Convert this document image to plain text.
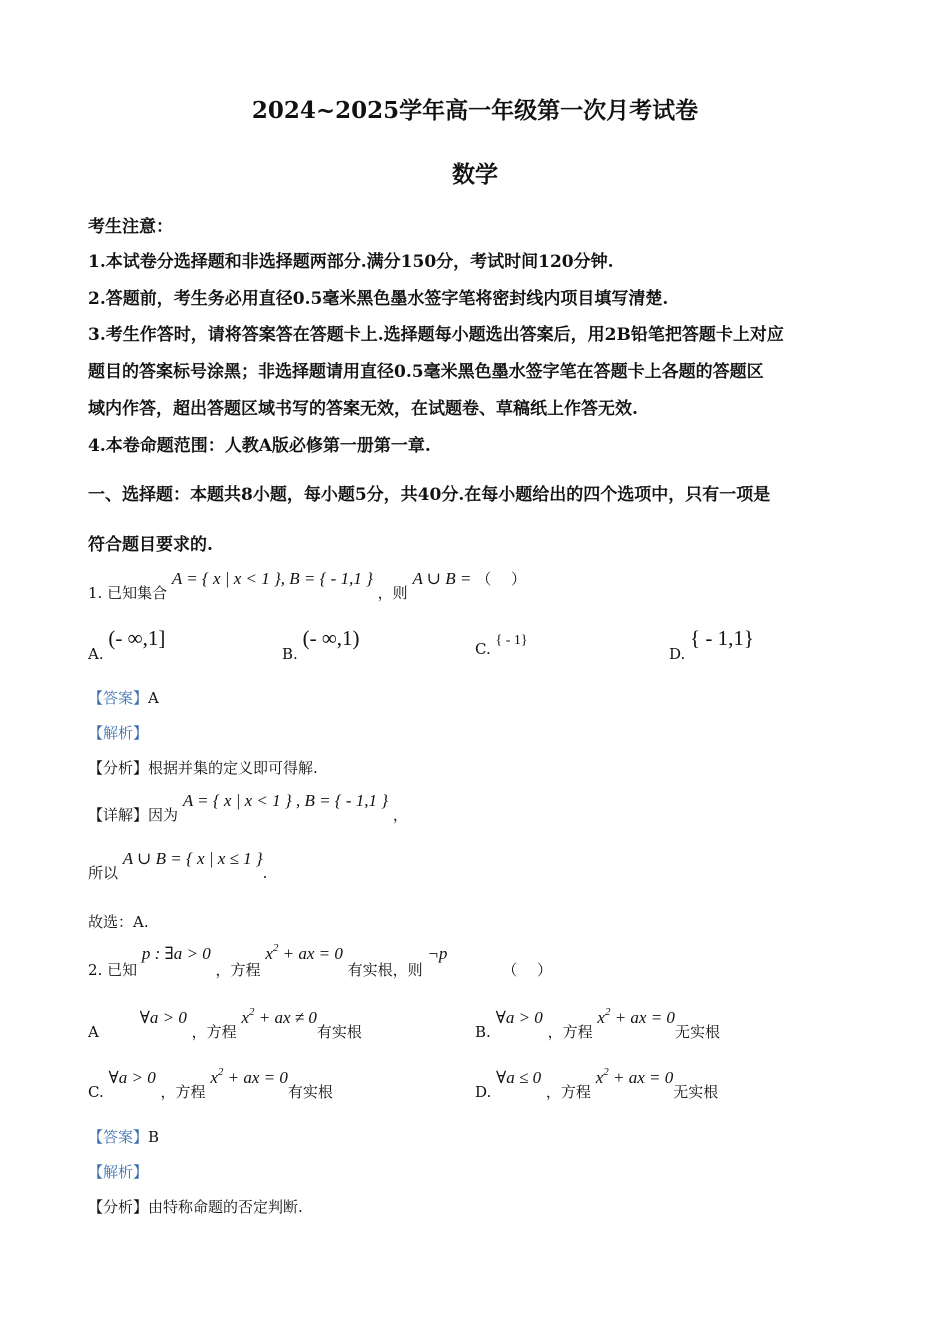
2024~2025学年高一年级第一次月考试卷
数学
考生注意：
1.本试卷分选择题和非选择题两部分.满分150分，考试时间120分钟.
2.答题前，考生务必用直径0.5毫米黑色墨水签字笔将密封线内项目填写清楚.
3.考生作答时，请将答案答在答题卡上.选择题每小题选出答案后，用2B铅笔把答题卡上对应
题目的答案标号涂黑；非选择题请用直径0.5毫米黑色墨水签字笔在答题卡上各题的答题区
域内作答，超出答题区域书写的答案无效，在试题卷、草稿纸上作答无效.
4.本卷命题范围：人教A版必修第一册第一章.
一、选择题：本题共8小题，每小题5分，共40分.在每小题给出的四个选项中，只有一项是
符合题目要求的.
1. 已知集合 A = { x | x < 1 }, B = { - 1,1 } ，则 A ∪ B = （　 ）
A. (- ∞,1]
B. (- ∞,1)	C. { - 1}
D. { - 1,1}
【答案】A
【解析】
【分析】根据并集的定义即可得解.
【详解】因为 A = { x | x < 1 } , B = { - 1,1 } ，
所以 A ∪ B = { x | x ≤ 1 }.
故选：A.
2. 已知 p : ∃a > 0 ，方程 $x^2$ + ax = 0 有实根，则 ¬p （　 ）
A ∀a > 0 ，方程 $x^2$ + ax ≠ 0有实根	B. ∀a > 0 ，方程 $x^2$ + ax = 0无实根
C. ∀a > 0 ，方程 $x^2$ + ax = 0有实根	D. ∀a ≤ 0 ，方程 $x^2$ + ax = 0无实根
【答案】B
【解析】
【分析】由特称命题的否定判断.
